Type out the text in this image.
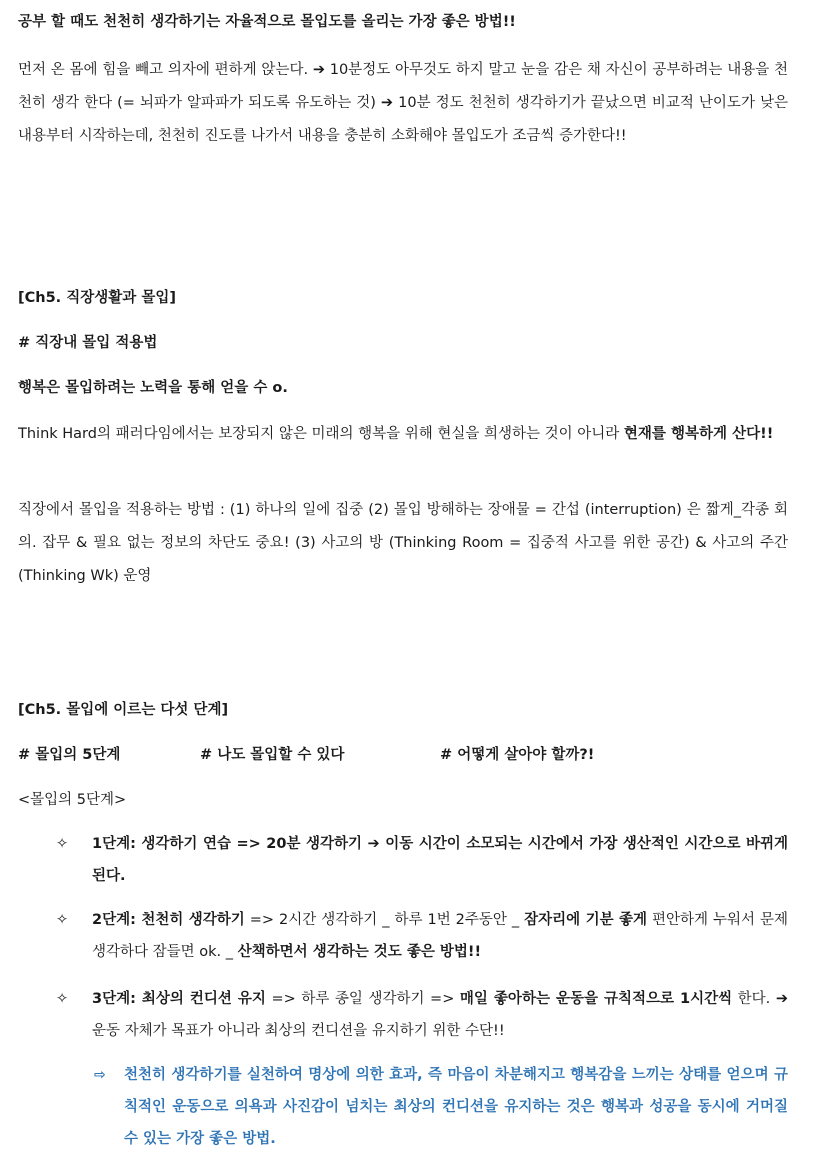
공부 할 때도 천천히 생각하기는 자율적으로 몰입도를 올리는 가장 좋은 방법!!

먼저 온 몸에 힘을 빼고 의자에 편하게 앉는다. ➔ 10분정도 아무것도 하지 말고 눈을 감은 채 자신이 공부하려는 내용을 천천히 생각 한다 (= 뇌파가 알파파가 되도록 유도하는 것) ➔ 10분 정도 천천히 생각하기가 끝났으면 비교적 난이도가 낮은 내용부터 시작하는데, 천천히 진도를 나가서 내용을 충분히 소화해야 몰입도가 조금씩 증가한다!!

[Ch5. 직장생활과 몰입]

# 직장내 몰입 적용법

행복은 몰입하려는 노력을 통해 얻을 수 o.

Think Hard의 패러다임에서는 보장되지 않은 미래의 행복을 위해 현실을 희생하는 것이 아니라 현재를 행복하게 산다!!

직장에서 몰입을 적용하는 방법 : (1) 하나의 일에 집중 (2) 몰입 방해하는 장애물 = 간섭 (interruption) 은 짧게_각종 회의. 잡무 & 필요 없는 정보의 차단도 중요! (3) 사고의 방 (Thinking Room = 집중적 사고를 위한 공간) & 사고의 주간 (Thinking Wk) 운영

[Ch5. 몰입에 이르는 다섯 단계]

# 몰입의 5단계	# 나도 몰입할 수 있다	# 어떻게 살아야 할까?!

<몰입의 5단계>

✧ 1단계: 생각하기 연습 => 20분 생각하기 ➔ 이동 시간이 소모되는 시간에서 가장 생산적인 시간으로 바뀌게 된다.

✧ 2단계: 천천히 생각하기 => 2시간 생각하기 _ 하루 1번 2주동안 _ 잠자리에 기분 좋게 편안하게 누워서 문제 생각하다 잠들면 ok. _ 산책하면서 생각하는 것도 좋은 방법!!

✧ 3단계: 최상의 컨디션 유지 => 하루 종일 생각하기 => 매일 좋아하는 운동을 규칙적으로 1시간씩 한다. ➔ 운동 자체가 목표가 아니라 최상의 컨디션을 유지하기 위한 수단!!

⇨ 천천히 생각하기를 실천하여 명상에 의한 효과, 즉 마음이 차분해지고 행복감을 느끼는 상태를 얻으며 규칙적인 운동으로 의욕과 사진감이 넘치는 최상의 컨디션을 유지하는 것은 행복과 성공을 동시에 거머질 수 있는 가장 좋은 방법.
